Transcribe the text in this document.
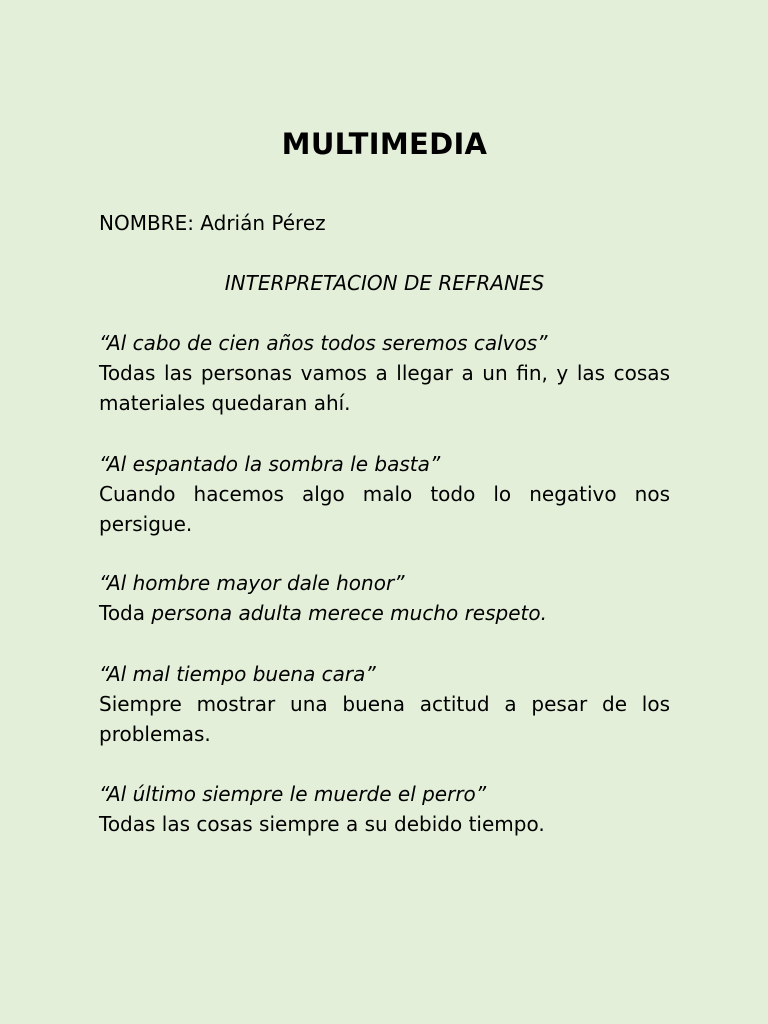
MULTIMEDIA
NOMBRE: Adrián Pérez
INTERPRETACION DE REFRANES
“Al cabo de cien años todos seremos calvos”
Todas las personas vamos a llegar a un fin, y las cosas materiales quedaran ahí.
“Al espantado la sombra le basta”
Cuando hacemos algo malo todo lo negativo nos persigue.
“Al hombre mayor dale honor”
Toda persona adulta merece mucho respeto.
“Al mal tiempo buena cara”
Siempre mostrar una buena actitud a pesar de los problemas.
“Al último siempre le muerde el perro”
Todas las cosas siempre a su debido tiempo.
